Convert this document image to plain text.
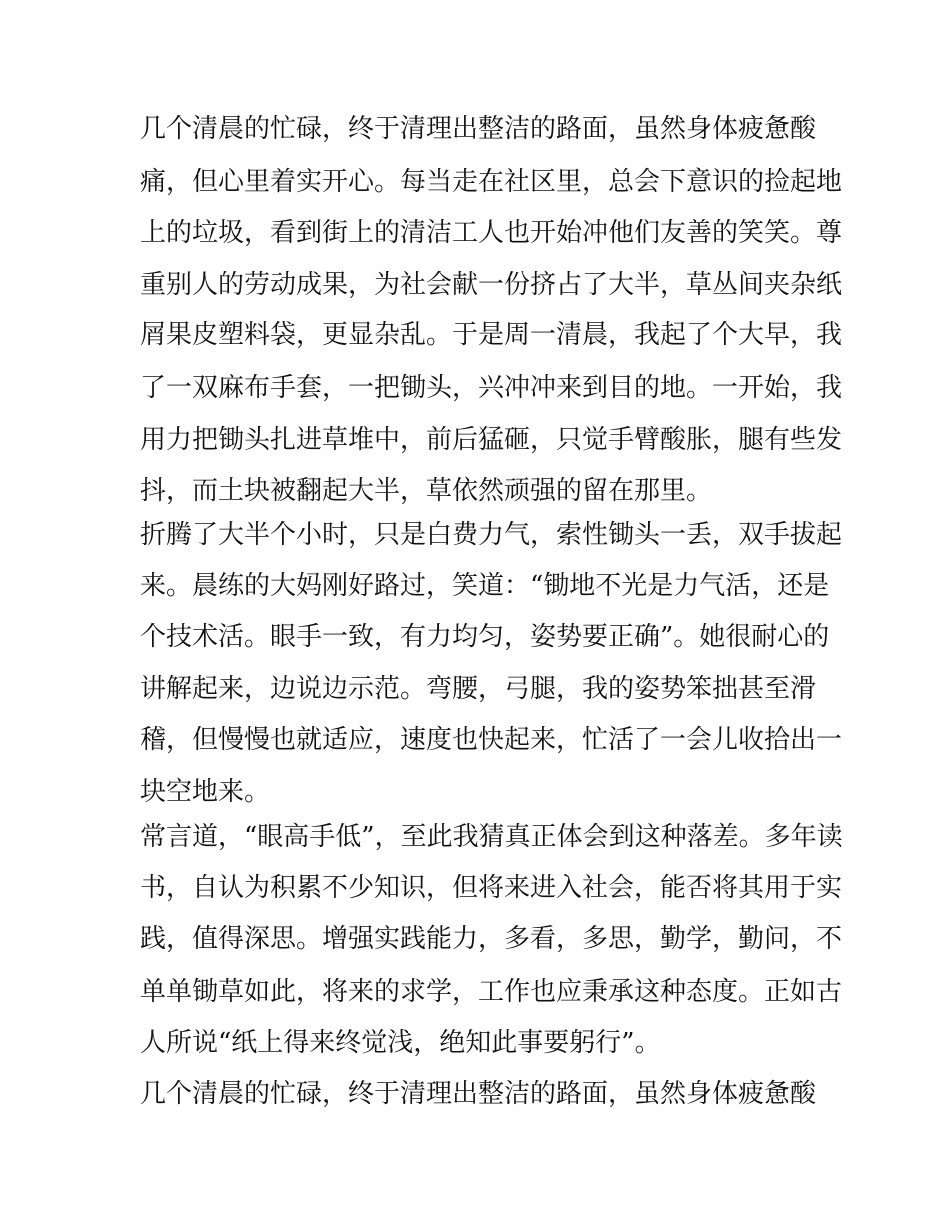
几个清晨的忙碌，终于清理出整洁的路面，虽然身体疲惫酸
痛，但心里着实开心。每当走在社区里，总会下意识的捡起地
上的垃圾，看到街上的清洁工人也开始冲他们友善的笑笑。尊
重别人的劳动成果，为社会献一份挤占了大半，草丛间夹杂纸
屑果皮塑料袋，更显杂乱。于是周一清晨，我起了个大早，我
了一双麻布手套，一把锄头，兴冲冲来到目的地。一开始，我
用力把锄头扎进草堆中，前后猛砸，只觉手臂酸胀，腿有些发
抖，而土块被翻起大半，草依然顽强的留在那里。
折腾了大半个小时，只是白费力气，索性锄头一丢，双手拔起
来。晨练的大妈刚好路过，笑道：“锄地不光是力气活，还是
个技术活。眼手一致，有力均匀，姿势要正确”。她很耐心的
讲解起来，边说边示范。弯腰，弓腿，我的姿势笨拙甚至滑
稽，但慢慢也就适应，速度也快起来，忙活了一会儿收拾出一
块空地来。
常言道，“眼高手低”，至此我猜真正体会到这种落差。多年读
书，自认为积累不少知识，但将来进入社会，能否将其用于实
践，值得深思。增强实践能力，多看，多思，勤学，勤问，不
单单锄草如此，将来的求学，工作也应秉承这种态度。正如古
人所说“纸上得来终觉浅，绝知此事要躬行”。
几个清晨的忙碌，终于清理出整洁的路面，虽然身体疲惫酸
